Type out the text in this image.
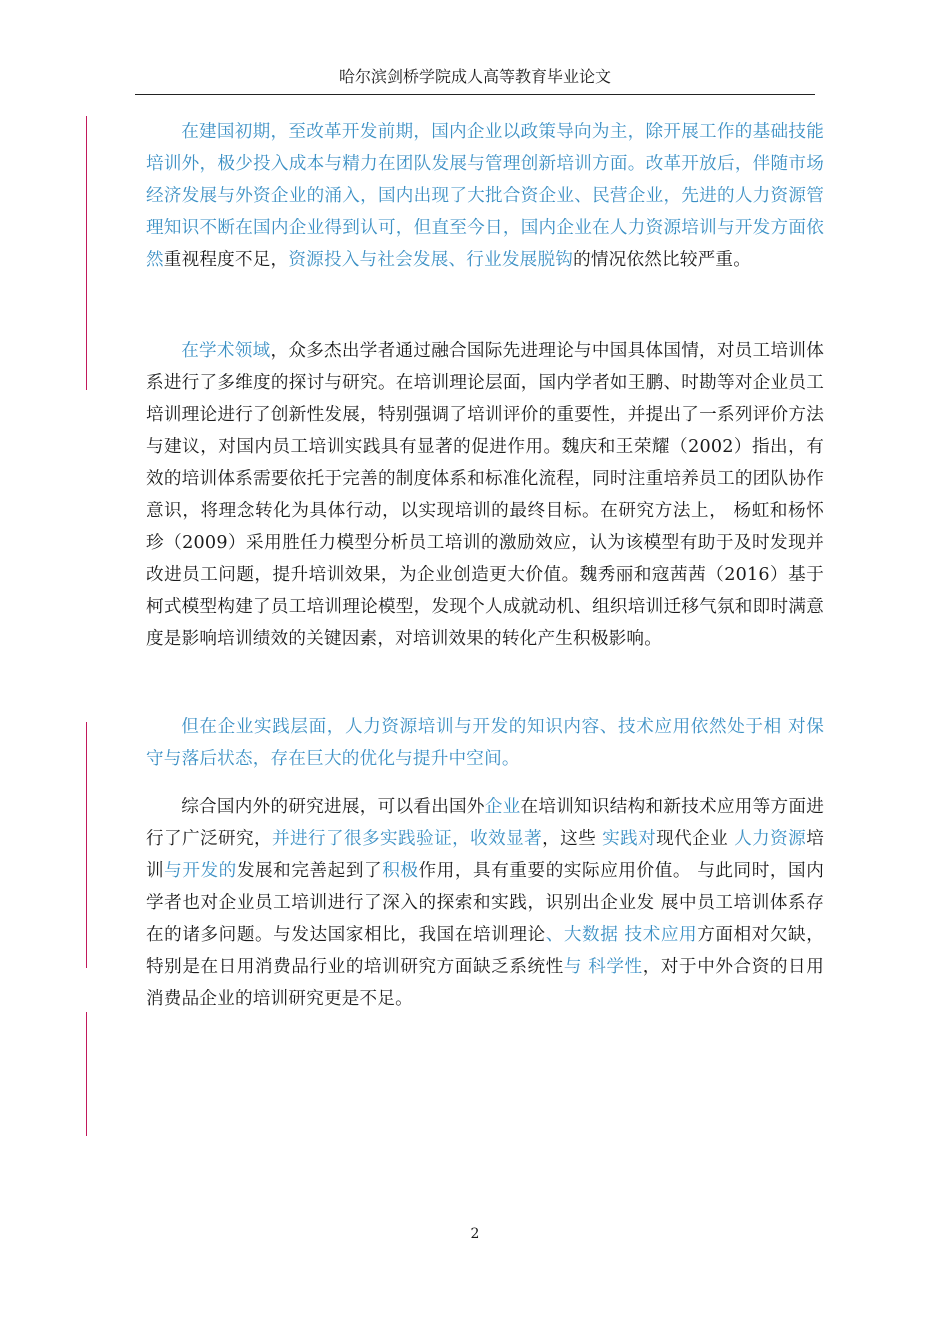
哈尔滨剑桥学院成人高等教育毕业论文

在建国初期，至改革开发前期，国内企业以政策导向为主，除开展工作的基础技能培训外，极少投入成本与精力在团队发展与管理创新培训方面。改革开放后，伴随市场经济发展与外资企业的涌入，国内出现了大批合资企业、民营企业，先进的人力资源管理知识不断在国内企业得到认可，但直至今日，国内企业在人力资源培训与开发方面依然重视程度不足，资源投入与社会发展、行业发展脱钩的情况依然比较严重。

在学术领域，众多杰出学者通过融合国际先进理论与中国具体国情，对员工培训体系进行了多维度的探讨与研究。在培训理论层面，国内学者如王鹏、时勘等对企业员工培训理论进行了创新性发展，特别强调了培训评价的重要性，并提出了一系列评价方法与建议，对国内员工培训实践具有显著的促进作用。魏庆和王荣耀（2002）指出，有效的培训体系需要依托于完善的制度体系和标准化流程，同时注重培养员工的团队协作意识，将理念转化为具体行动，以实现培训的最终目标。在研究方法上， 杨虹和杨怀珍（2009）采用胜任力模型分析员工培训的激励效应，认为该模型有助于及时发现并改进员工问题，提升培训效果，为企业创造更大价值。魏秀丽和寇茜茜（2016）基于柯式模型构建了员工培训理论模型，发现个人成就动机、组织培训迁移气氛和即时满意度是影响培训绩效的关键因素，对培训效果的转化产生积极影响。

但在企业实践层面，人力资源培训与开发的知识内容、技术应用依然处于相 对保守与落后状态，存在巨大的优化与提升中空间。

综合国内外的研究进展，可以看出国外企业在培训知识结构和新技术应用等方面进行了广泛研究，并进行了很多实践验证，收效显著，这些 实践对现代企业 人力资源培训与开发的发展和完善起到了积极作用，具有重要的实际应用价值。 与此同时，国内学者也对企业员工培训进行了深入的探索和实践，识别出企业发 展中员工培训体系存在的诸多问题。与发达国家相比，我国在培训理论、大数据 技术应用方面相对欠缺，特别是在日用消费品行业的培训研究方面缺乏系统性与 科学性，对于中外合资的日用消费品企业的培训研究更是不足。

2
